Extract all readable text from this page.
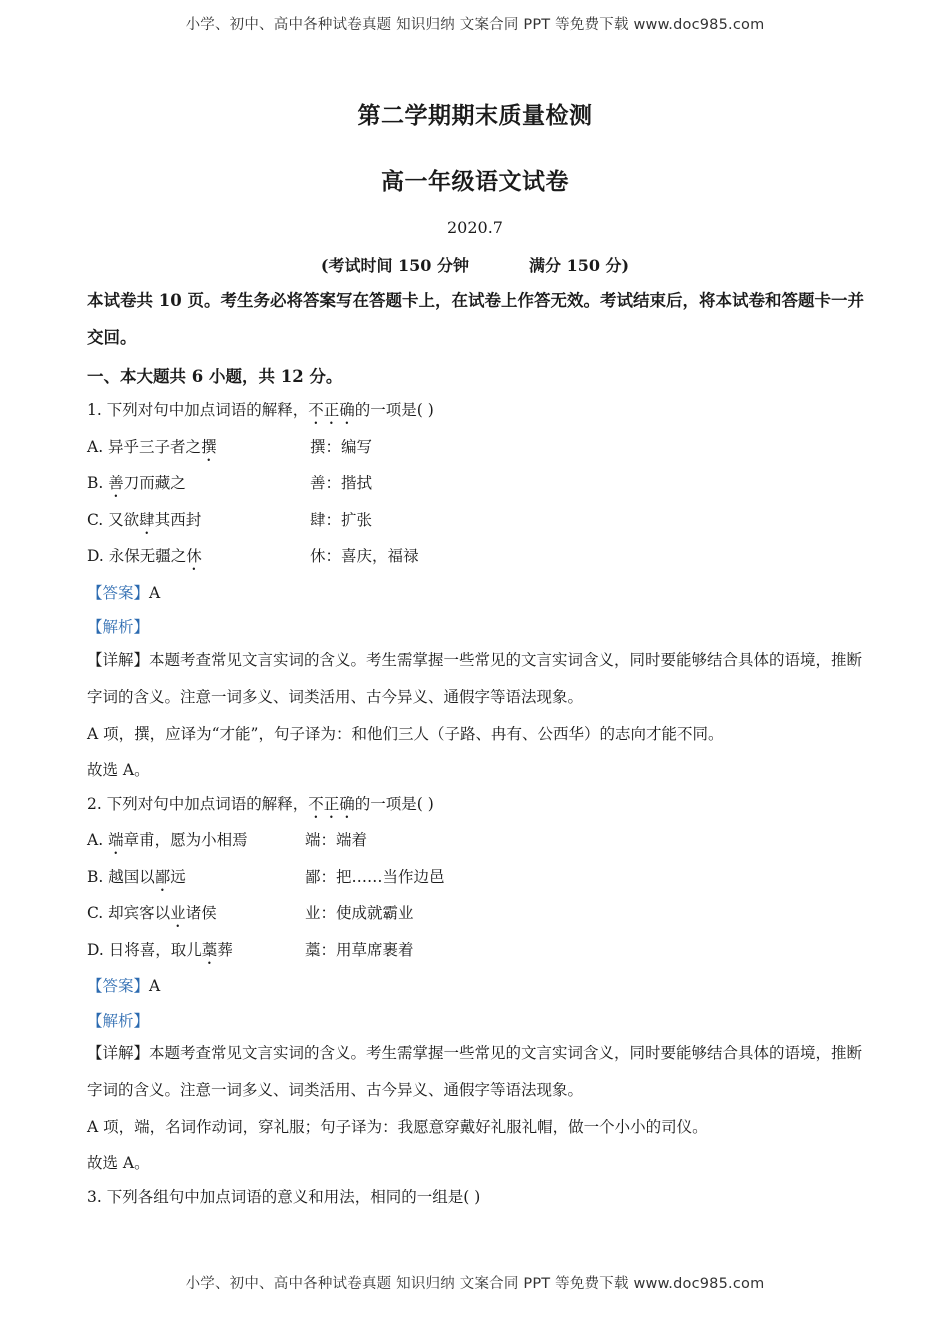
小学、初中、高中各种试卷真题 知识归纳 文案合同 PPT 等免费下载 www.doc985.com
第二学期期末质量检测
高一年级语文试卷
2020.7
(考试时间 150 分钟	满分 150 分)
本试卷共 10 页。考生务必将答案写在答题卡上，在试卷上作答无效。考试结束后，将本试卷和答题卡一并交回。
一、本大题共 6 小题，共 12 分。
1. 下列对句中加点词语的解释，不正确的一项是( )
A. 异乎三子者之撰	撰：编写
B. 善刀而藏之	善：揩拭
C. 又欲肆其西封	肆：扩张
D. 永保无疆之休	休：喜庆，福禄
【答案】A
【解析】
【详解】本题考查常见文言实词的含义。考生需掌握一些常见的文言实词含义，同时要能够结合具体的语境，推断字词的含义。注意一词多义、词类活用、古今异义、通假字等语法现象。
A 项，撰，应译为“才能”，句子译为：和他们三人（子路、冉有、公西华）的志向才能不同。
故选 A。
2. 下列对句中加点词语的解释，不正确的一项是( )
A. 端章甫，愿为小相焉	端：端着
B. 越国以鄙远	鄙：把……当作边邑
C. 却宾客以业诸侯	业：使成就霸业
D. 日将喜，取儿藁葬	藁：用草席裹着
【答案】A
【解析】
【详解】本题考查常见文言实词的含义。考生需掌握一些常见的文言实词含义，同时要能够结合具体的语境，推断字词的含义。注意一词多义、词类活用、古今异义、通假字等语法现象。
A 项，端，名词作动词，穿礼服；句子译为：我愿意穿戴好礼服礼帽，做一个小小的司仪。
故选 A。
3. 下列各组句中加点词语的意义和用法，相同的一组是( )
小学、初中、高中各种试卷真题 知识归纳 文案合同 PPT 等免费下载 www.doc985.com
